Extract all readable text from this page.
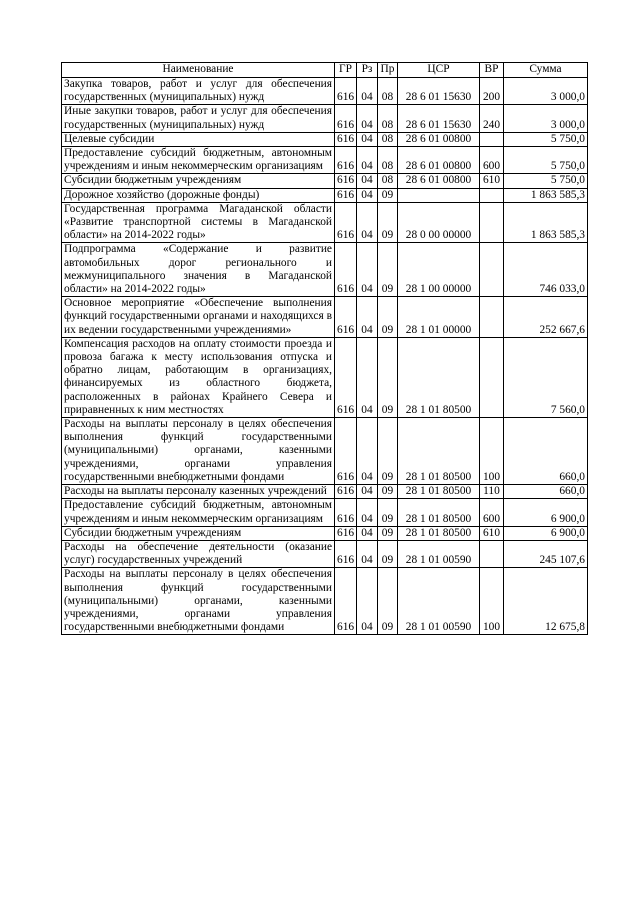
Наименование	ГР	Рз	Пр	ЦСР	ВР	Сумма
Закупка товаров, работ и услуг для обеспечения государственных (муниципальных) нужд	616	04	08	28 6 01 15630	200	3 000,0
Иные закупки товаров, работ и услуг для обеспечения государственных (муниципальных) нужд	616	04	08	28 6 01 15630	240	3 000,0
Целевые субсидии	616	04	08	28 6 01 00800		5 750,0
Предоставление субсидий бюджетным, автономным учреждениям и иным некоммерческим организациям	616	04	08	28 6 01 00800	600	5 750,0
Субсидии бюджетным учреждениям	616	04	08	28 6 01 00800	610	5 750,0
Дорожное хозяйство (дорожные фонды)	616	04	09			1 863 585,3
Государственная программа Магаданской области «Развитие транспортной системы в Магаданской области» на 2014-2022 годы»	616	04	09	28 0 00 00000		1 863 585,3
Подпрограмма «Содержание и развитие автомобильных дорог регионального и межмуниципального значения в Магаданской области» на 2014-2022 годы»	616	04	09	28 1 00 00000		746 033,0
Основное мероприятие «Обеспечение выполнения функций государственными органами и находящихся в их ведении государственными учреждениями»	616	04	09	28 1 01 00000		252 667,6
Компенсация расходов на оплату стоимости проезда и провоза багажа к месту использования отпуска и обратно лицам, работающим в организациях, финансируемых из областного бюджета, расположенных в районах Крайнего Севера и приравненных к ним местностях	616	04	09	28 1 01 80500		7 560,0
Расходы на выплаты персоналу в целях обеспечения выполнения функций государственными (муниципальными) органами, казенными учреждениями, органами управления государственными внебюджетными фондами	616	04	09	28 1 01 80500	100	660,0
Расходы на выплаты персоналу казенных учреждений	616	04	09	28 1 01 80500	110	660,0
Предоставление субсидий бюджетным, автономным учреждениям и иным некоммерческим организациям	616	04	09	28 1 01 80500	600	6 900,0
Субсидии бюджетным учреждениям	616	04	09	28 1 01 80500	610	6 900,0
Расходы на обеспечение деятельности (оказание услуг) государственных учреждений	616	04	09	28 1 01 00590		245 107,6
Расходы на выплаты персоналу в целях обеспечения выполнения функций государственными (муниципальными) органами, казенными учреждениями, органами управления государственными внебюджетными фондами	616	04	09	28 1 01 00590	100	12 675,8
